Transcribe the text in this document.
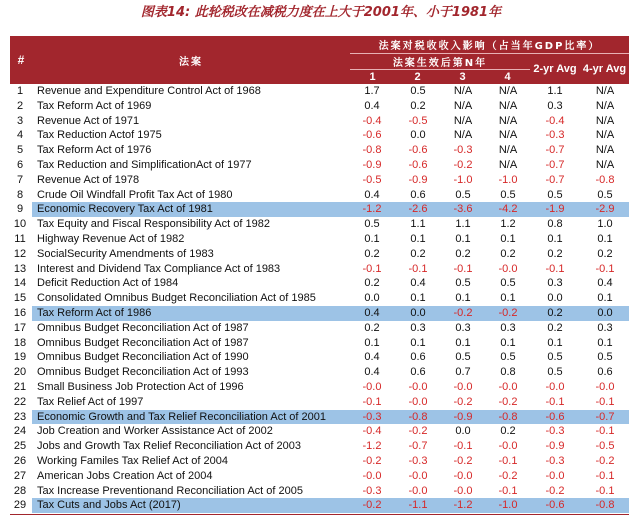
图表14: 此轮税改在减税力度在上大于2001年、小于1981年
#	法案
法案对税收收入影响（占当年GDP比率）
法案生效后第N年
1	2	3	4
2-yr Avg 4-yr Avg
1	Revenue and Expenditure Control Act of 1968	1.7	0.5	N/A	N/A	1.1	N/A
2	Tax Reform Act of 1969	0.4	0.2	N/A	N/A	0.3	N/A
3	Revenue Act of 1971	-0.4	-0.5	N/A	N/A	-0.4	N/A
4	Tax Reduction Actof 1975	-0.6	0.0	N/A	N/A	-0.3	N/A
5	Tax Reform Act of 1976	-0.8	-0.6	-0.3	N/A	-0.7	N/A
6	Tax Reduction and SimplificationAct of 1977	-0.9	-0.6	-0.2	N/A	-0.7	N/A
7	Revenue Act of 1978	-0.5	-0.9	-1.0	-1.0	-0.7	-0.8
8	Crude Oil Windfall Profit Tax Act of 1980	0.4	0.6	0.5	0.5	0.5	0.5
9	Economic Recovery Tax Act of 1981	-1.2	-2.6	-3.6	-4.2	-1.9	-2.9
10 Tax Equity and Fiscal Responsibility Act of 1982	0.5	1.1	1.1	1.2	0.8	1.0
11	Highway Revenue Act of 1982	0.1	0.1	0.1	0.1	0.1	0.1
12 SocialSecurity Amendments of 1983	0.2	0.2	0.2	0.2	0.2	0.2
13 Interest and Dividend Tax Compliance Act of 1983	-0.1	-0.1	-0.1	-0.0	-0.1	-0.1
14 Deficit Reduction Act of 1984	0.2	0.4	0.5	0.5	0.3	0.4
15 Consolidated Omnibus Budget Reconciliation Act of 1985	0.0	0.1	0.1	0.1	0.0	0.1
16 Tax Reform Act of 1986	0.4	0.0	-0.2	-0.2	0.2	0.0
17 Omnibus Budget Reconciliation Act of 1987	0.2	0.3	0.3	0.3	0.2	0.3
18 Omnibus Budget Reconciliation Act of 1987	0.1	0.1	0.1	0.1	0.1	0.1
19 Omnibus Budget Reconciliation Act of 1990	0.4	0.6	0.5	0.5	0.5	0.5
20 Omnibus Budget Reconciliation Act of 1993	0.4	0.6	0.7	0.8	0.5	0.6
21 Small Business Job Protection Act of 1996	-0.0	-0.0	-0.0	-0.0	-0.0	-0.0
22 Tax Relief Act of 1997	-0.1	-0.0	-0.2	-0.2	-0.1	-0.1
23 Economic Growth and Tax Relief Reconciliation Act of 2001	-0.3	-0.8	-0.9	-0.8	-0.6	-0.7
24 Job Creation and Worker Assistance Act of 2002	-0.4	-0.2	0.0	0.2	-0.3	-0.1
25 Jobs and Growth Tax Relief Reconciliation Act of 2003	-1.2	-0.7	-0.1	-0.0	-0.9	-0.5
26 Working Familes Tax Relief Act of 2004	-0.2	-0.3	-0.2	-0.1	-0.3	-0.2
27 American Jobs Creation Act of 2004	-0.0	-0.0	-0.0	-0.2	-0.0	-0.1
28 Tax Increase Preventionand Reconciliation Act of 2005	-0.3	-0.0	-0.0	-0.1	-0.2	-0.1
29 Tax Cuts and Jobs Act (2017)	-0.2	-1.1	-1.2	-1.0	-0.6	-0.8
